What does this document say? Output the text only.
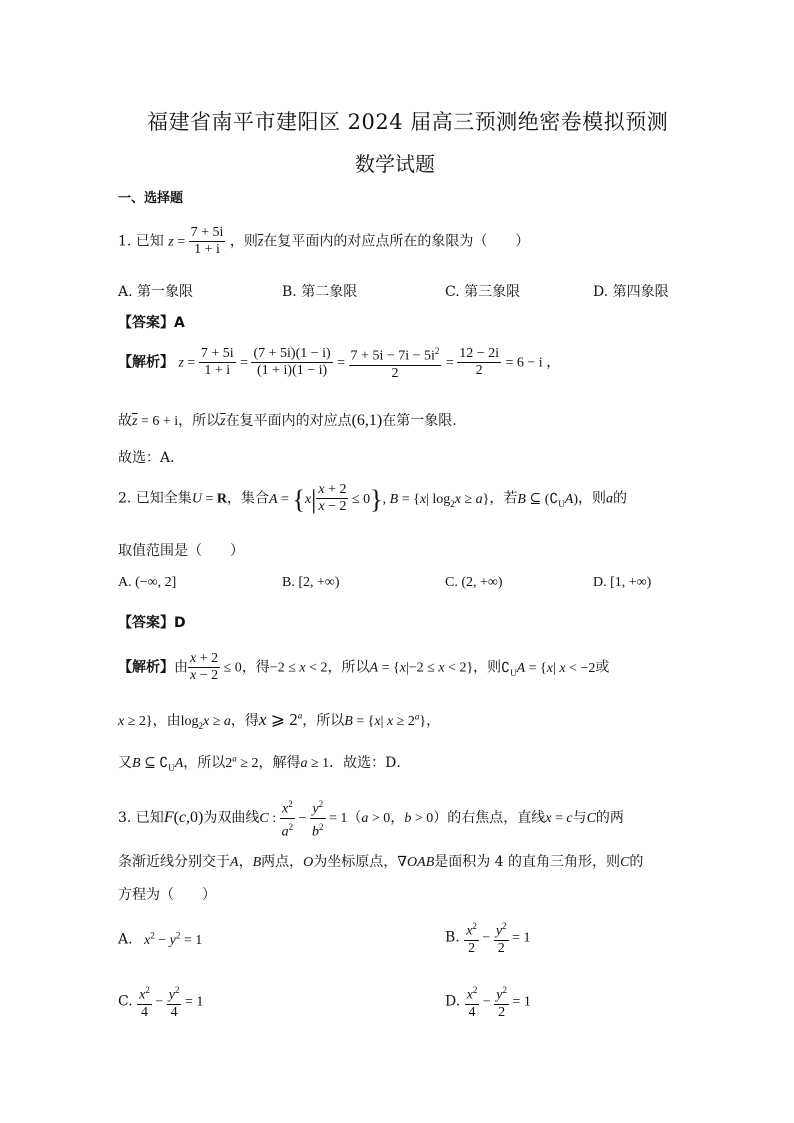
福建省南平市建阳区 2024 届高三预测绝密卷模拟预测
数学试题
一、选择题
1. 已知 $z = \frac{7 + 5i}{1 + i}$ ，则$\overline{z}$在复平面内的对应点所在的象限为（　　）
A. 第一象限	B. 第二象限	C. 第三象限	D. 第四象限
【答案】A
【解析】 $z = \frac{7 + 5i}{1 + i} = \frac{(7 + 5i)(1 - i)}{(1 + i)(1 - i)} = \frac{7 + 5i - 7i - 5i^2}{2} = \frac{12 - 2i}{2} = 6 - i$ ，
故$\overline{z} = 6 + i$，所以$\overline{z}$在复平面内的对应点(6,1)在第一象限.
故选：A．
2. 已知全集U = R，集合$A = \{x| \frac{x + 2}{x - 2} \le 0\}$, B = {x| $\log_2x \ge a$}，若B ⊆ $(∁_UA)$，则a的
取值范围是（　　）
A. (−∞, 2]	B. [2, +∞)	C. (2, +∞)	D. [1, +∞)
【答案】D
【解析】由 $\frac{x + 2}{x - 2} \le 0$，得−2 ≤ x < 2，所以A = {x|−2 ≤ x < 2}，则$∁_UA = \{x|$ x < −2或
x ≥ 2}，由$\log_2x \ge a$，得x ⩾ 2$^a$，所以B = {x| $x \ge 2^a$}，
又B ⊆ $∁_UA$，所以$2^a \ge 2$，解得a ≥ 1．故选：D．
3. 已知F(c,0)为双曲线C : $\frac{x^2}{a^2} - \frac{y^2}{b^2} = 1(a > 0$，b > 0）的右焦点，直线x = c与C的两
条渐近线分别交于A，B两点，O为坐标原点，∇OAB是面积为 4 的直角三角形，则C的
方程为（　　）
A. $x^2 - y^2 = 1$	B. $\frac{x^2}{2} - \frac{y^2}{2} = 1$
C. $\frac{x^2}{4} - \frac{y^2}{4} = 1$	D. $\frac{x^2}{4} - \frac{y^2}{2} = 1$
